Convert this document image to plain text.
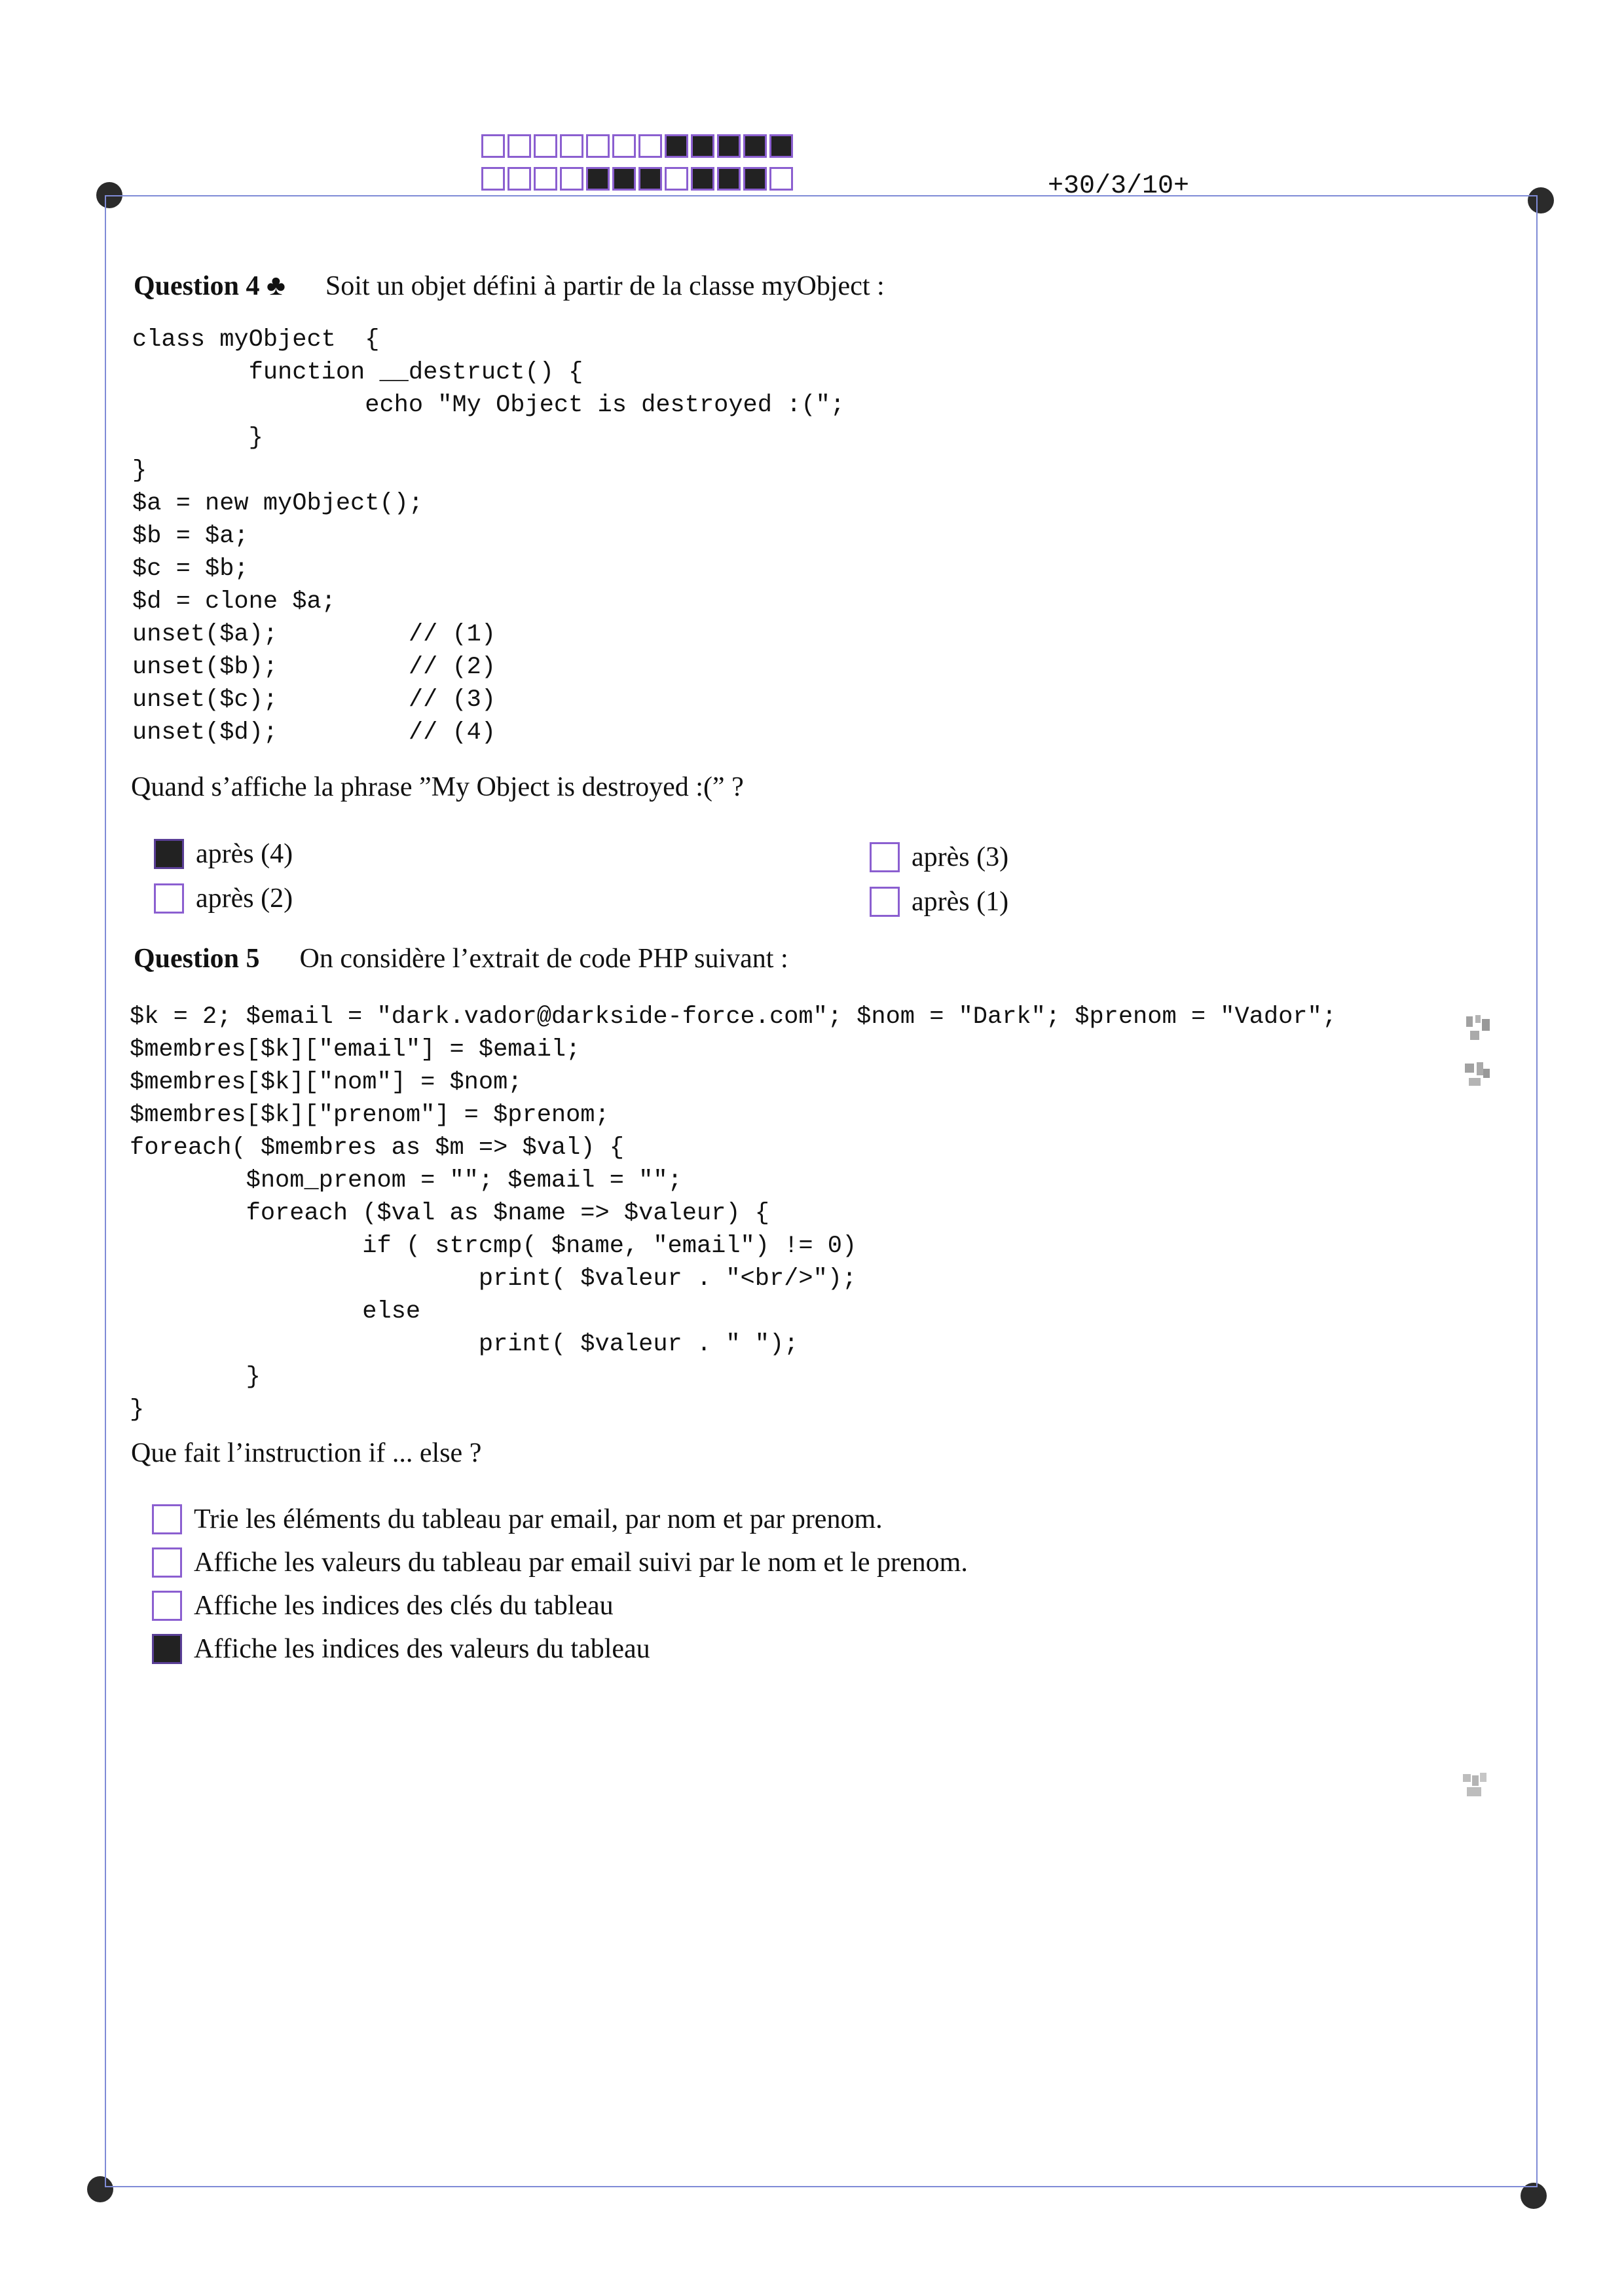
+30/3/10+
Question 4 ♣ Soit un objet défini à partir de la classe myObject :
class myObject  {
function __destruct() {
echo "My Object is destroyed :(";
}
}
$a = new myObject();
$b = $a;
$c = $b;
$d = clone $a;
unset($a);         // (1)
unset($b);         // (2)
unset($c);         // (3)
unset($d);         // (4)
Quand s’affiche la phrase ”My Object is destroyed :(” ?
après (4)	après (3)
après (2)	après (1)
Question 5 On considère l’extrait de code PHP suivant :
$k = 2; $email = "dark.vador@darkside-force.com"; $nom = "Dark"; $prenom = "Vador";
$membres[$k]["email"] = $email;
$membres[$k]["nom"] = $nom;
$membres[$k]["prenom"] = $prenom;
foreach( $membres as $m => $val) {
$nom_prenom = ""; $email = "";
foreach ($val as $name => $valeur) {
if ( strcmp( $name, "email") != 0)
print( $valeur . "<br/>");
else
print( $valeur . " ");
}
}
Que fait l’instruction if ... else ?
Trie les éléments du tableau par email, par nom et par prenom.
Affiche les valeurs du tableau par email suivi par le nom et le prenom.
Affiche les indices des clés du tableau
Affiche les indices des valeurs du tableau
